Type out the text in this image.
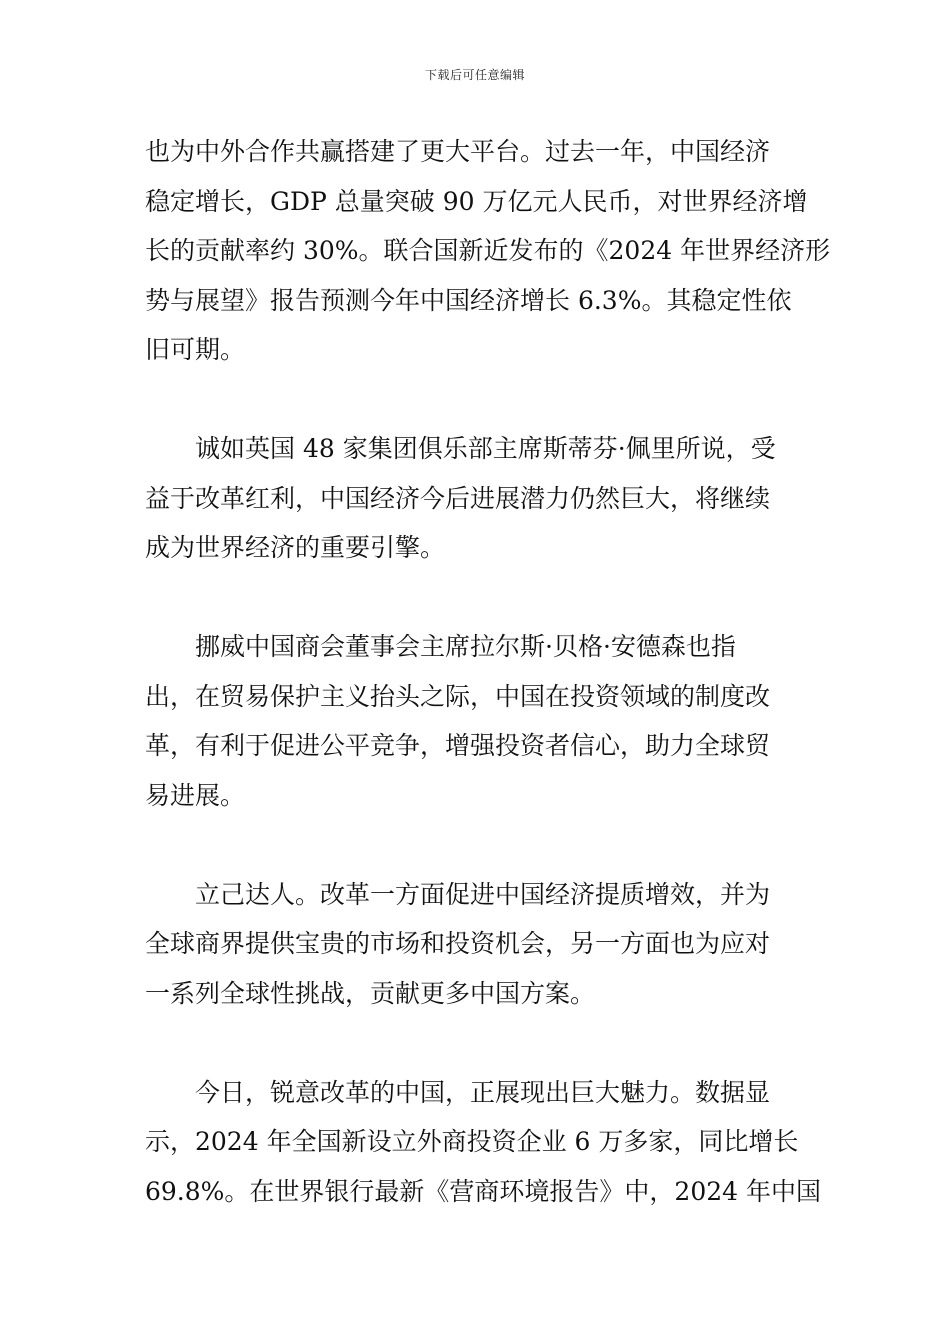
下载后可任意编辑
也为中外合作共赢搭建了更大平台。过去一年，中国经济
稳定增长，GDP 总量突破 90 万亿元人民币，对世界经济增
长的贡献率约 30%。联合国新近发布的《2024 年世界经济形
势与展望》报告预测今年中国经济增长 6.3%。其稳定性依
旧可期。
诚如英国 48 家集团俱乐部主席斯蒂芬·佩里所说，受
益于改革红利，中国经济今后进展潜力仍然巨大，将继续
成为世界经济的重要引擎。
挪威中国商会董事会主席拉尔斯·贝格·安德森也指
出，在贸易保护主义抬头之际，中国在投资领域的制度改
革，有利于促进公平竞争，增强投资者信心，助力全球贸
易进展。
立己达人。改革一方面促进中国经济提质增效，并为
全球商界提供宝贵的市场和投资机会，另一方面也为应对
一系列全球性挑战，贡献更多中国方案。
今日，锐意改革的中国，正展现出巨大魅力。数据显
示，2024 年全国新设立外商投资企业 6 万多家，同比增长
69.8%。在世界银行最新《营商环境报告》中，2024 年中国
